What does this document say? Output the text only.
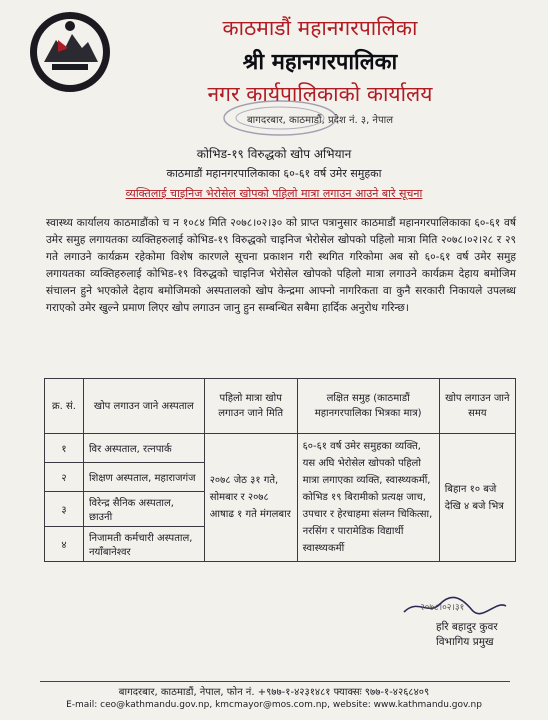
काठमाडौं महानगरपालिका
श्री महानगरपालिका
नगर कार्यपालिकाको कार्यालय
बागदरबार, काठमाडौं, प्रदेश नं. ३, नेपाल
कोभिड-१९ विरुद्धको खोप अभियान
काठमाडौं महानगरपालिकाका ६०-६१ वर्ष उमेर समुहका
व्यक्तिलाई चाइनिज भेरोसेल खोपको पहिलो मात्रा लगाउन आउने बारे सूचना
स्वास्थ्य कार्यालय काठमाडौंको च न १०८४ मिति २०७८।०२।३० को प्राप्त पत्रानुसार काठमाडौं महानगरपालिकाका ६०-६१ वर्ष उमेर समुह लगायतका व्यक्तिहरुलाई कोभिड-१९ विरुद्धको चाइनिज भेरोसेल खोपको पहिलो मात्रा मिति २०७८।०२।२८ र २९ गते लगाउने कार्यक्रम रहेकोमा विशेष कारणले सूचना प्रकाशन गरी स्थगित गरिकोमा अब सो ६०-६१ वर्ष उमेर समुह लगायतका व्यक्तिहरुलाई कोभिड-१९ विरुद्धको चाइनिज भेरोसेल खोपको पहिलो मात्रा लगाउने कार्यक्रम देहाय बमोजिम संचालन हुने भएकोले देहाय बमोजिमको अस्पतालको खोप केन्द्रमा आफ्नो नागरिकता वा कुनै सरकारी निकायले उपलब्ध गराएको उमेर खुल्ने प्रमाण लिएर खोप लगाउन जानु हुन सम्बन्धित सबैमा हार्दिक अनुरोध गरिन्छ।
क्र. सं.	खोप लगाउन जाने अस्पताल	पहिलो मात्रा खोप लगाउन जाने मिति	लक्षित समुह (काठमाडौं महानगरपालिका भित्रका मात्र)	खोप लगाउन जाने समय
१	विर अस्पताल, रत्नपार्क	२०७८ जेठ ३१ गते, सोमबार र २०७८ आषाढ १ गते मंगलबार	६०-६१ वर्ष उमेर समुहका व्यक्ति, यस अघि भेरोसेल खोपको पहिलो मात्रा लगाएका व्यक्ति, स्वास्थ्यकर्मी, कोभिड १९ बिरामीको प्रत्यक्ष जाच, उपचार र हेरचाहमा संलग्न चिकित्सा, नरसिंग र पारामेडिक विद्यार्थी स्वास्थ्यकर्मी	बिहान १० बजे देखि ४ बजे भित्र
२	शिक्षण अस्पताल, महाराजगंज			
३	विरेन्द्र सैनिक अस्पताल, छाउनी			
४	निजामती कर्मचारी अस्पताल, नयाँबानेश्वर			
२०७८।०२।३१
हरि बहादुर कुवर
विभागिय प्रमुख
बागदरबार, काठमाडौं, नेपाल, फोन नं. +९७७-१-४२३१४८१ फ्याक्सः ९७७-१-४२६८४०९
E-mail: ceo@kathmandu.gov.np, kmcmayor@mos.com.np, website: www.kathmandu.gov.np
